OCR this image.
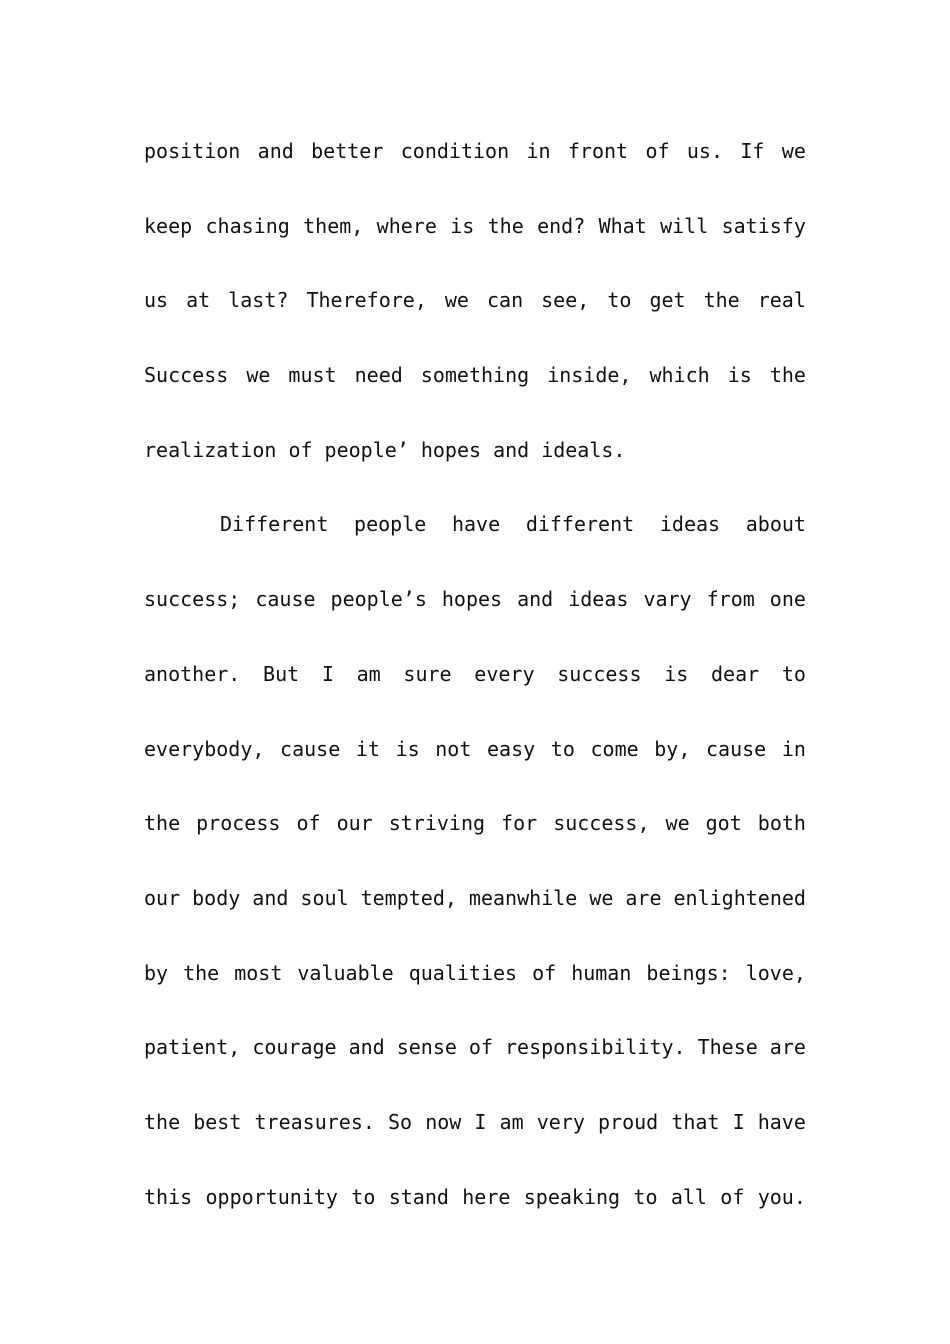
position and better condition in front of us. If we
keep chasing them, where is the end? What will satisfy
us at last? Therefore, we can see, to get the real
Success we must need something inside, which is the
realization of people’ hopes and ideals.
Different people have different ideas about
success; cause people’s hopes and ideas vary from one
another. But I am sure every success is dear to
everybody, cause it is not easy to come by, cause in
the process of our striving for success, we got both
our body and soul tempted, meanwhile we are enlightened
by the most valuable qualities of human beings: love,
patient, courage and sense of responsibility. These are
the best treasures. So now I am very proud that I have
this opportunity to stand here speaking to all of you.
